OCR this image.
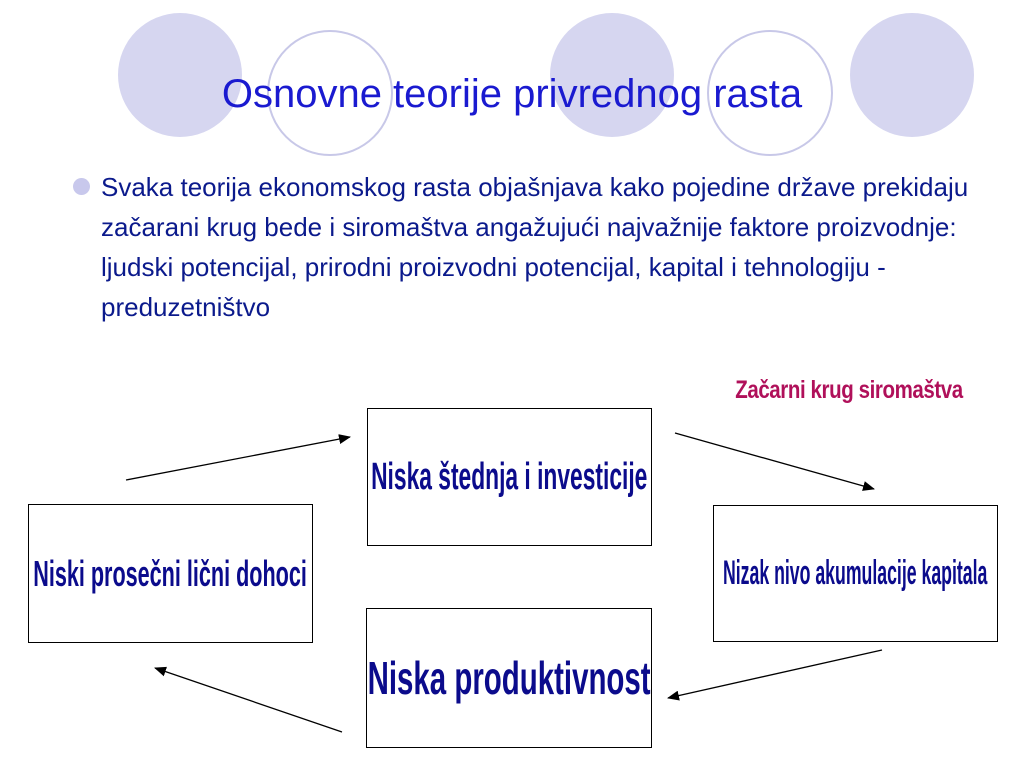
Osnovne teorije privrednog rasta

Svaka teorija ekonomskog rasta objašnjava kako pojedine države prekidaju začarani krug bede i siromaštva angažujući najvažnije faktore proizvodnje: ljudski potencijal, prirodni proizvodni potencijal, kapital i tehnologiju - preduzetništvo

Začarni krug siromaštva
Niska štednja i investicije
Nizak nivo akumulacije kapitala
Niska produktivnost
Niski prosečni lični dohoci
